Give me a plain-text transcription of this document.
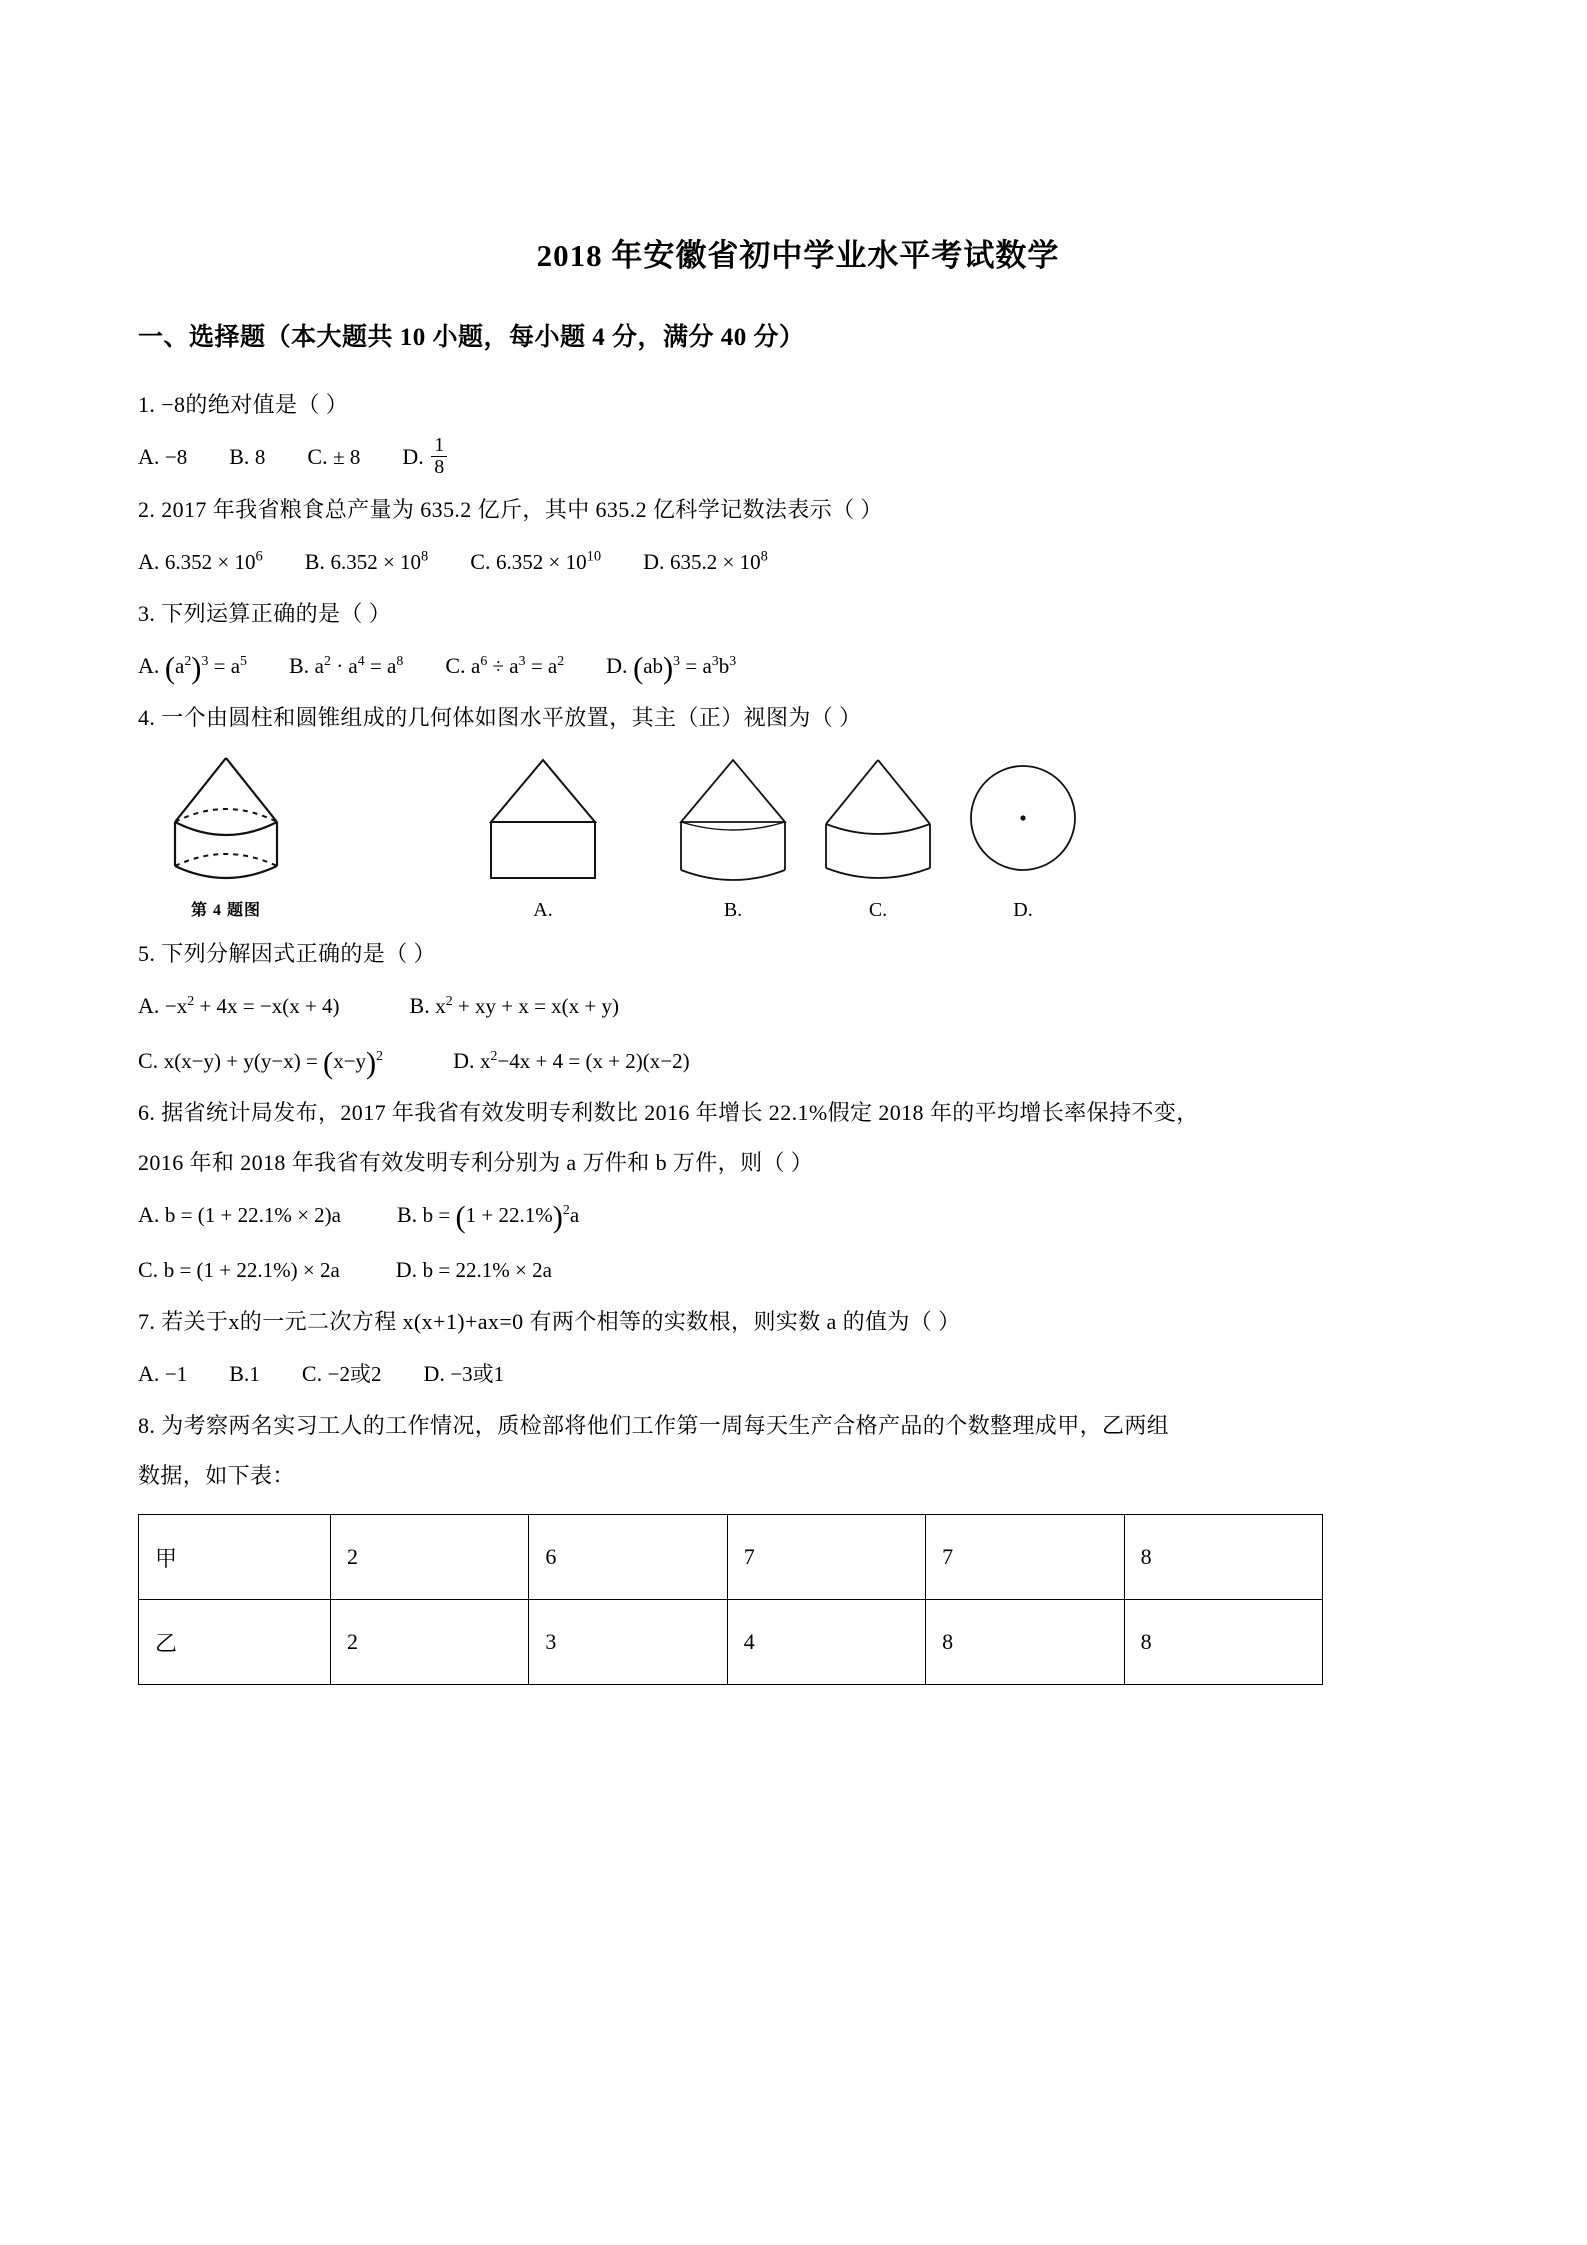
2018 年安徽省初中学业水平考试数学
一、选择题（本大题共 10 小题，每小题 4 分，满分 40 分）
1. −8的绝对值是（ ）
A. −8 B. 8 C. ± 8 D. $\frac{1}{8}$
2. 2017 年我省粮食总产量为 635.2 亿斤，其中 635.2 亿科学记数法表示（ ）
A. $6.352 \times 10^6$ B. $6.352 \times 10^8$ C. $6.352 \times 10^{10}$ D. $635.2 \times 10^8$
3. 下列运算正确的是（ ）
A. $(a^2)^3 = a^5$ B. $a^2 \cdot a^4 = a^8$ C. $a^6 \div a^3 = a^2$ D. $(ab)^3 = a^3b^3$
4. 一个由圆柱和圆锥组成的几何体如图水平放置，其主（正）视图为（ ）
第 4 题图	A.	B.	C.	D.
5. 下列分解因式正确的是（ ）
A. $-x^2 + 4x = -x(x + 4)$	B. $x^2$ + xy + x = x(x + y)
C. $x(x-y) + y(y-x) = (x-y)^2$	D. $x^2-4x + 4 = (x + 2)(x-2)$
6. 据省统计局发布，2017 年我省有效发明专利数比 2016 年增长 22.1%假定 2018 年的平均增长率保持不变，
2016 年和 2018 年我省有效发明专利分别为 a 万件和 b 万件，则（ ）
A. b = (1 + 22.1% × 2)a	B. $b = (1 + 22.1\%)^2a$
C. b = (1 + 22.1%) × 2a	D. b = 22.1% × 2a
7. 若关于x的一元二次方程 x(x+1)+ax=0 有两个相等的实数根，则实数 a 的值为（ ）
A. −1 B.1 C. −2或2 D. −3或1
8. 为考察两名实习工人的工作情况，质检部将他们工作第一周每天生产合格产品的个数整理成甲，乙两组
数据，如下表：
甲	2	6	7	7	8
乙	2	3	4	8	8
